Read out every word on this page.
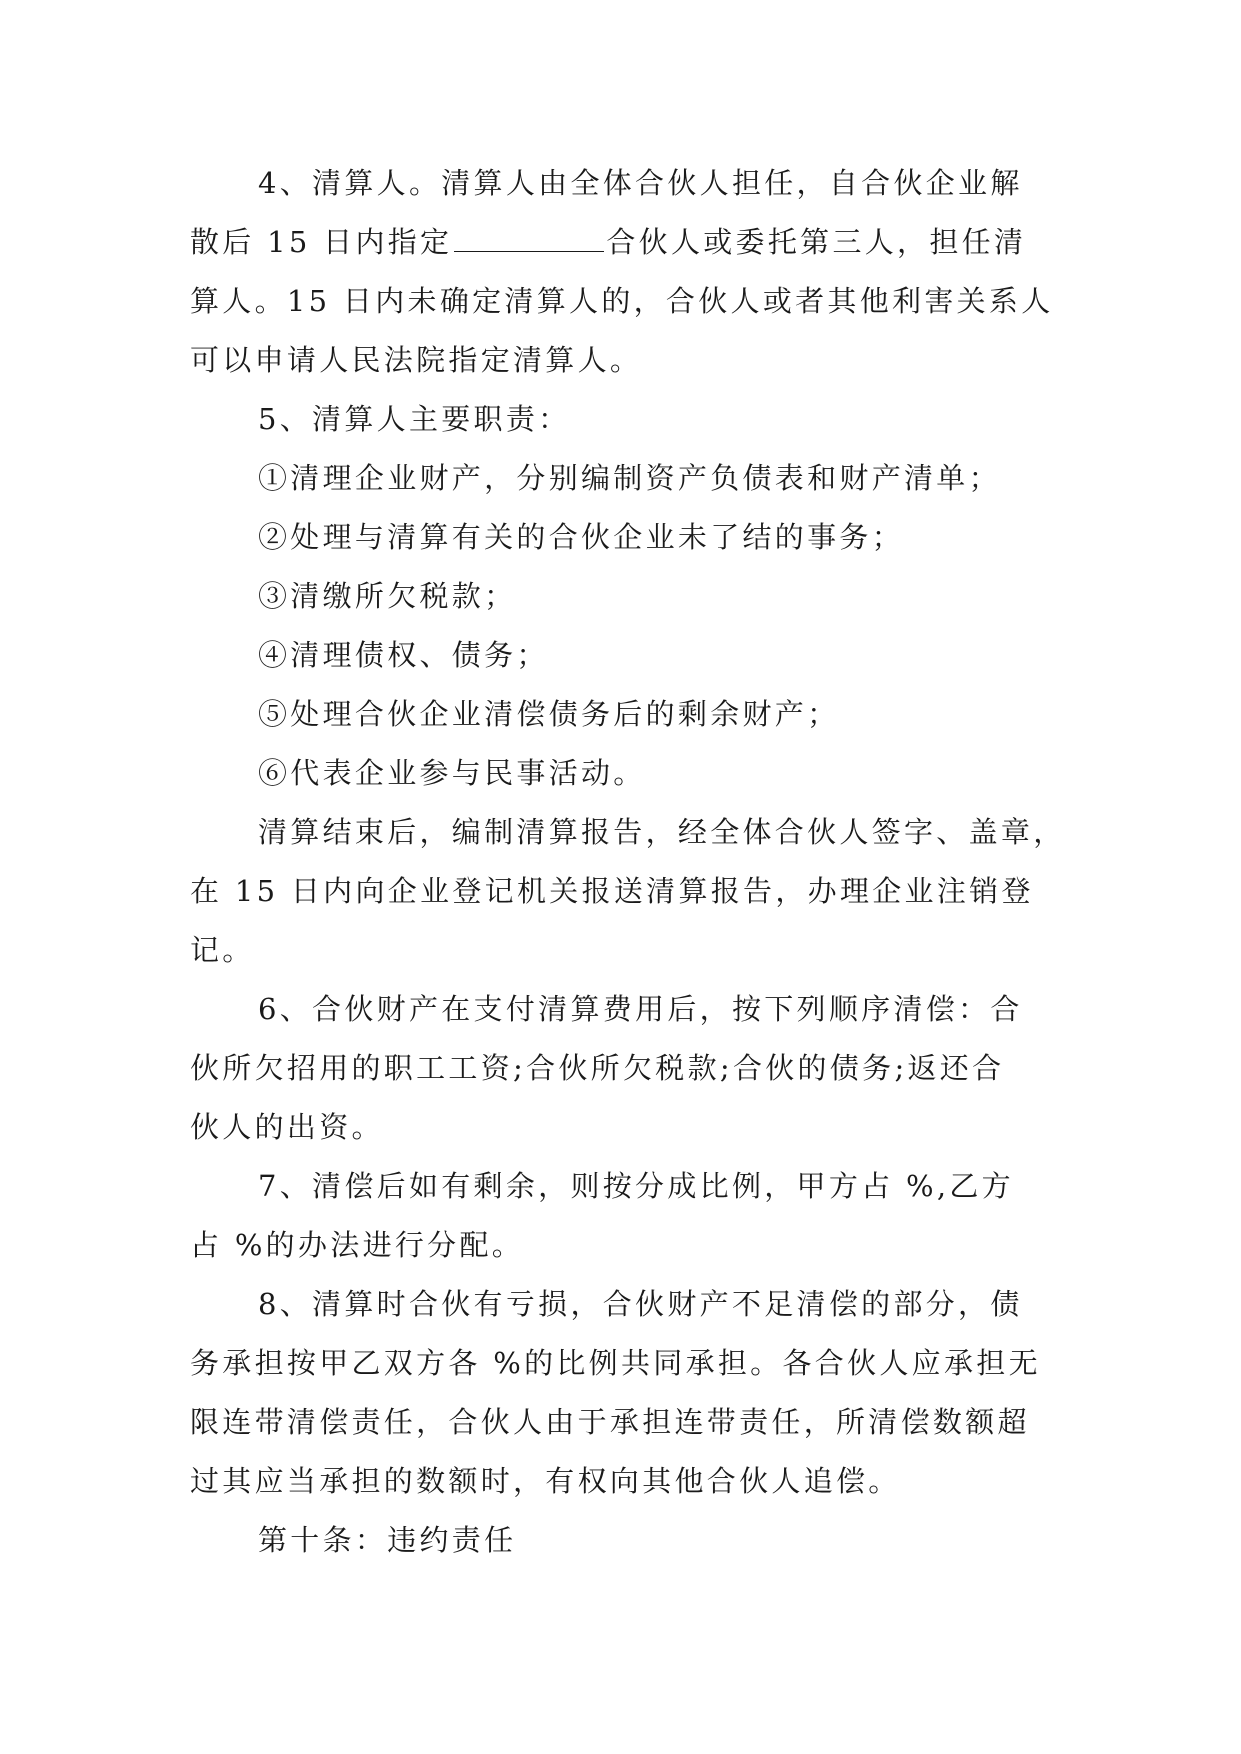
4、清算人。清算人由全体合伙人担任，自合伙企业解
散后 15 日内指定	合伙人或委托第三人，担任清
算人。15 日内未确定清算人的，合伙人或者其他利害关系人
可以申请人民法院指定清算人。
5、清算人主要职责：
①清理企业财产，分别编制资产负债表和财产清单；
②处理与清算有关的合伙企业未了结的事务；
③清缴所欠税款；
④清理债权、债务；
⑤处理合伙企业清偿债务后的剩余财产；
⑥代表企业参与民事活动。
清算结束后，编制清算报告，经全体合伙人签字、盖章，
在 15 日内向企业登记机关报送清算报告，办理企业注销登
记。
6、合伙财产在支付清算费用后，按下列顺序清偿：合
伙所欠招用的职工工资;合伙所欠税款;合伙的债务;返还合
伙人的出资。
7、清偿后如有剩余，则按分成比例，甲方占 %,乙方
占 %的办法进行分配。
8、清算时合伙有亏损，合伙财产不足清偿的部分，债
务承担按甲乙双方各 %的比例共同承担。各合伙人应承担无
限连带清偿责任，合伙人由于承担连带责任，所清偿数额超
过其应当承担的数额时，有权向其他合伙人追偿。
第十条：违约责任
